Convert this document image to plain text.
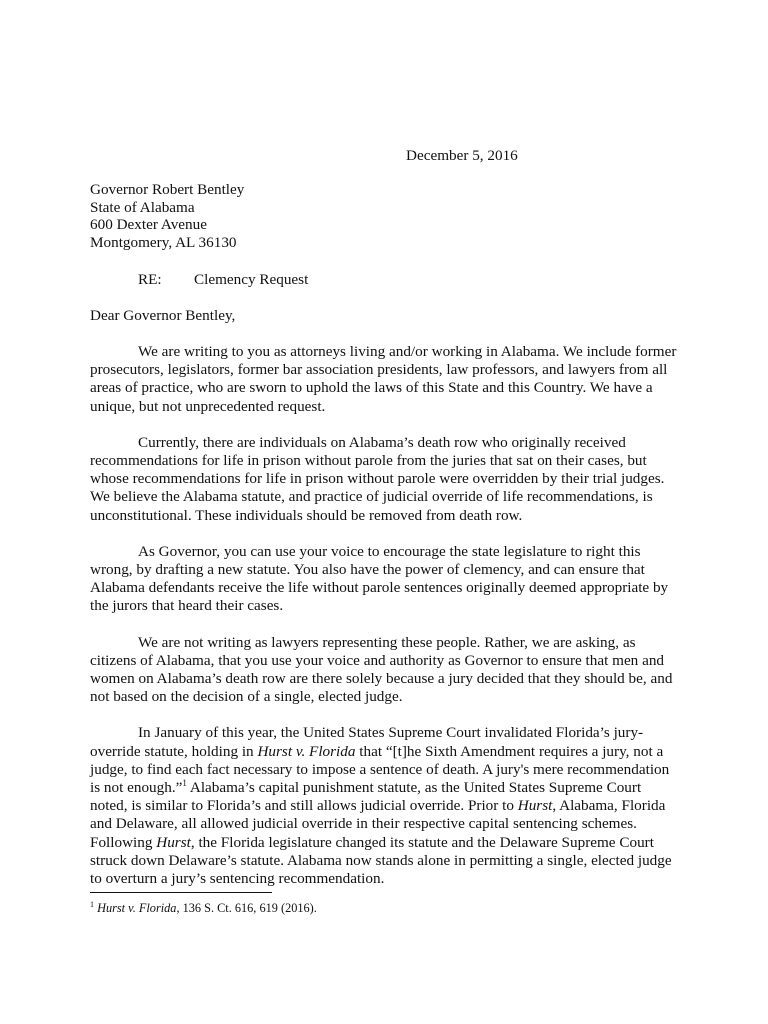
December 5, 2016
Governor Robert Bentley
State of Alabama
600 Dexter Avenue
Montgomery, AL 36130
RE: Clemency Request
Dear Governor Bentley,

We are writing to you as attorneys living and/or working in Alabama. We include former
prosecutors, legislators, former bar association presidents, law professors, and lawyers from all
areas of practice, who are sworn to uphold the laws of this State and this Country. We have a
unique, but not unprecedented request.

Currently, there are individuals on Alabama’s death row who originally received
recommendations for life in prison without parole from the juries that sat on their cases, but
whose recommendations for life in prison without parole were overridden by their trial judges.
We believe the Alabama statute, and practice of judicial override of life recommendations, is
unconstitutional. These individuals should be removed from death row.

As Governor, you can use your voice to encourage the state legislature to right this
wrong, by drafting a new statute. You also have the power of clemency, and can ensure that
Alabama defendants receive the life without parole sentences originally deemed appropriate by
the jurors that heard their cases.

We are not writing as lawyers representing these people. Rather, we are asking, as
citizens of Alabama, that you use your voice and authority as Governor to ensure that men and
women on Alabama’s death row are there solely because a jury decided that they should be, and
not based on the decision of a single, elected judge.

In January of this year, the United States Supreme Court invalidated Florida’s jury-
override statute, holding in Hurst v. Florida that “[t]he Sixth Amendment requires a jury, not a
judge, to find each fact necessary to impose a sentence of death. A jury's mere recommendation
is not enough.”$^1$ Alabama’s capital punishment statute, as the United States Supreme Court
noted, is similar to Florida’s and still allows judicial override. Prior to Hurst, Alabama, Florida
and Delaware, all allowed judicial override in their respective capital sentencing schemes.
Following Hurst, the Florida legislature changed its statute and the Delaware Supreme Court
struck down Delaware’s statute. Alabama now stands alone in permitting a single, elected judge
to overturn a jury’s sentencing recommendation.

$^1$ Hurst v. Florida, 136 S. Ct. 616, 619 (2016).
